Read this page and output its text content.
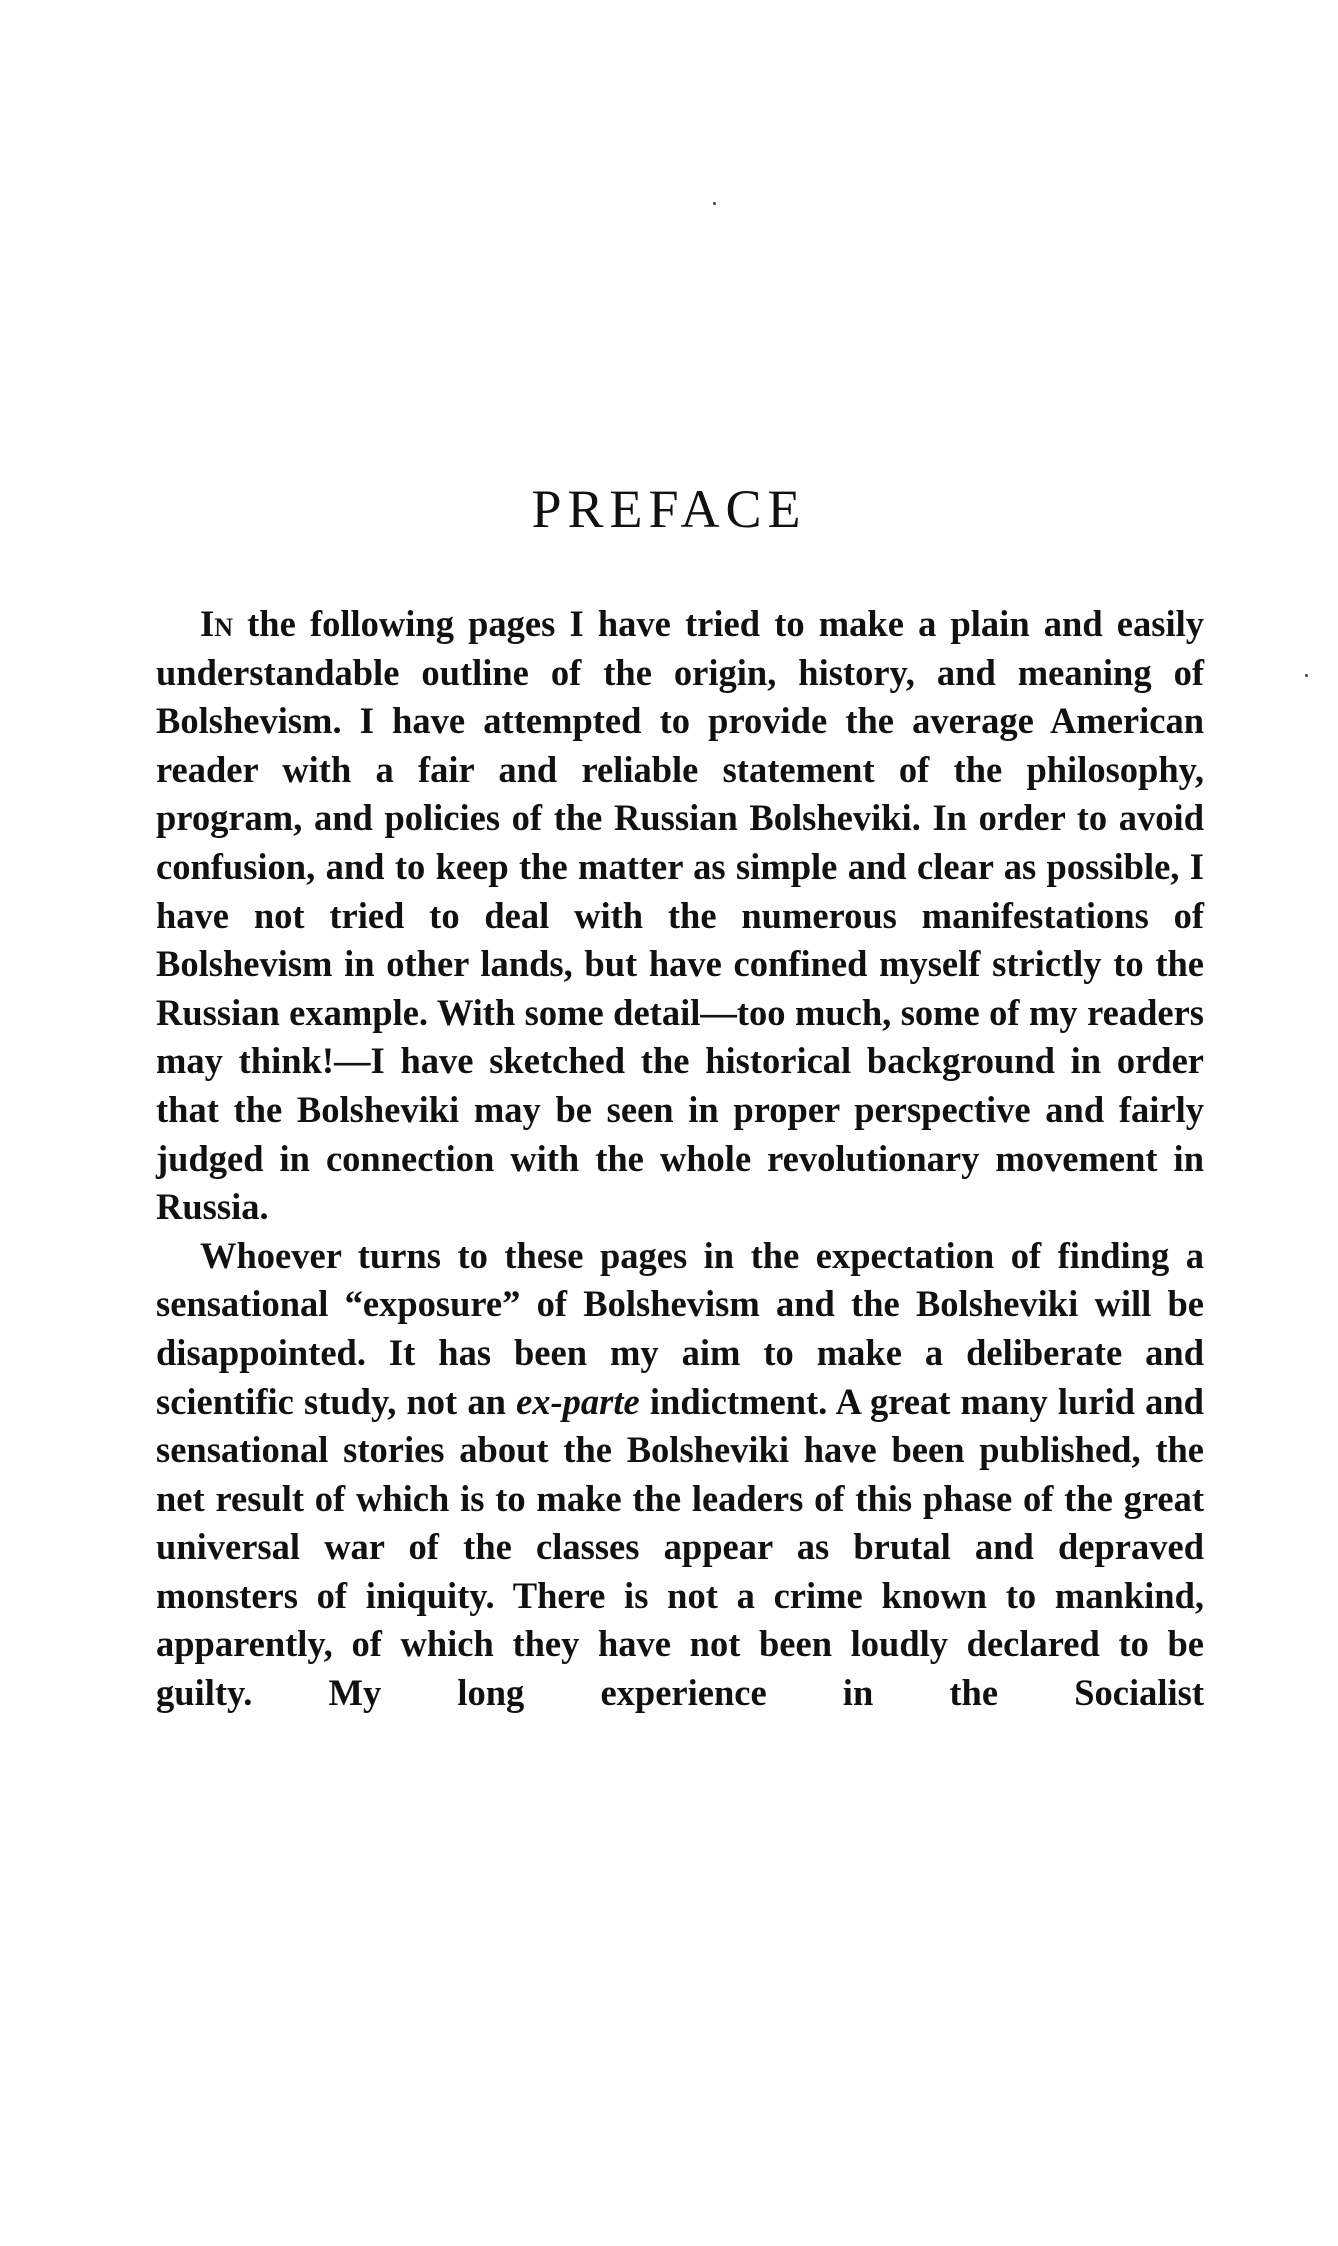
PREFACE

In the following pages I have tried to make a plain and easily understandable outline of the origin, history, and meaning of Bolshevism. I have attempted to provide the average American reader with a fair and reliable statement of the philosophy, program, and policies of the Russian Bolsheviki. In order to avoid confusion, and to keep the matter as simple and clear as possible, I have not tried to deal with the numerous manifestations of Bolshevism in other lands, but have confined myself strictly to the Russian example. With some detail—too much, some of my readers may think!—I have sketched the historical background in order that the Bolsheviki may be seen in proper perspective and fairly judged in connection with the whole revolutionary movement in Russia.

Whoever turns to these pages in the expectation of finding a sensational “exposure” of Bolshevism and the Bolsheviki will be disappointed. It has been my aim to make a deliberate and scientific study, not an ex-parte indictment. A great many lurid and sensational stories about the Bolsheviki have been published, the net result of which is to make the leaders of this phase of the great universal war of the classes appear as brutal and depraved monsters of iniquity. There is not a crime known to mankind, apparently, of which they have not been loudly declared to be guilty. My long experience in the Socialist
